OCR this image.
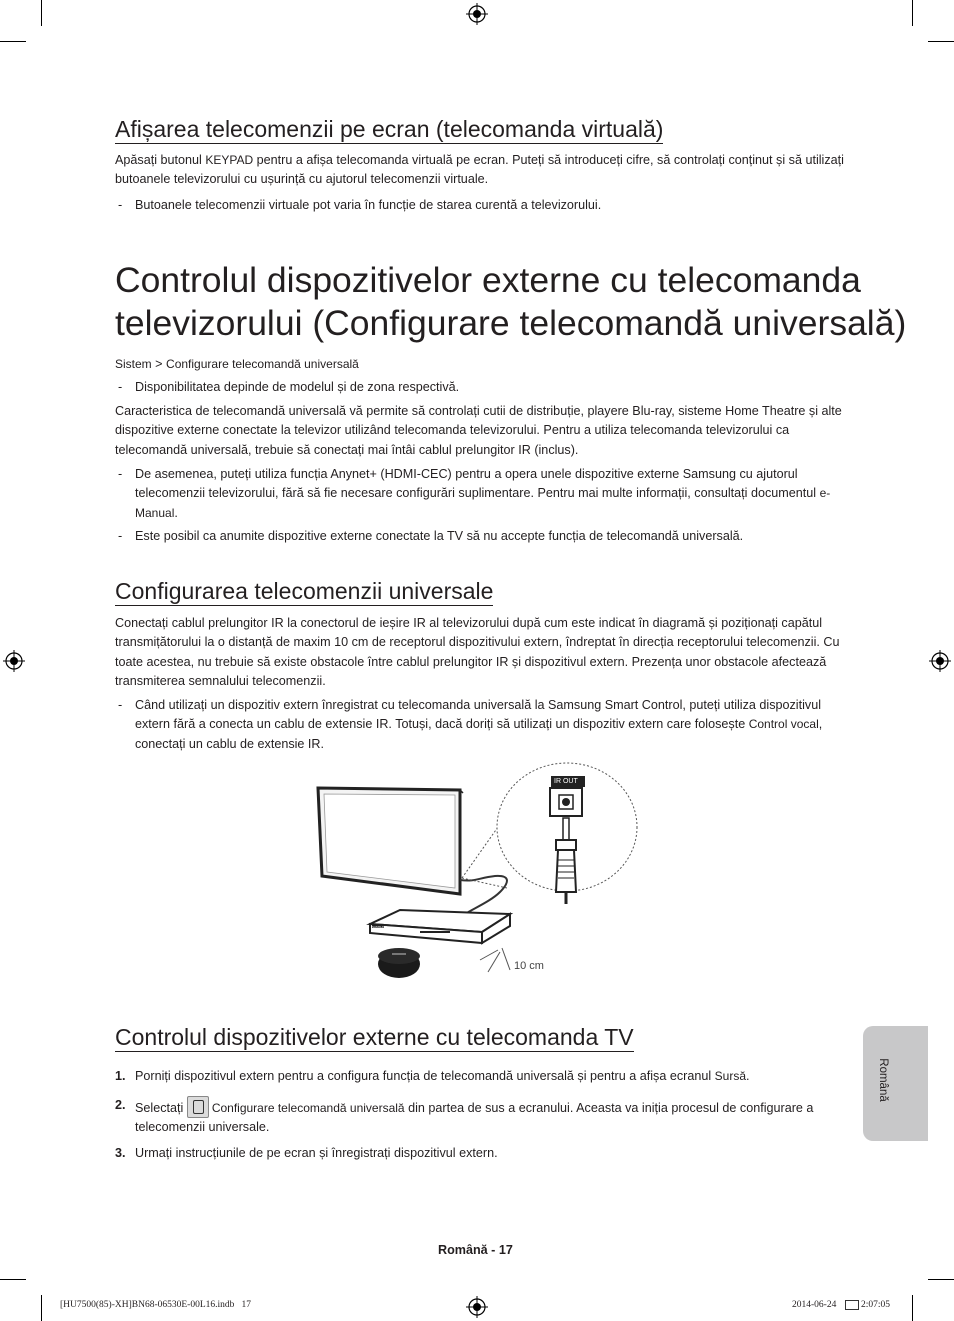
Afișarea telecomenzii pe ecran (telecomanda virtuală)

Apăsați butonul KEYPAD pentru a afișa telecomanda virtuală pe ecran. Puteți să introduceți cifre, să controlați conținut și să utilizați butoanele televizorului cu ușurință cu ajutorul telecomenzii virtuale.

- Butoanele telecomenzii virtuale pot varia în funcție de starea curentă a televizorului.

Controlul dispozitivelor externe cu telecomanda
televizorului (Configurare telecomandă universală)

Sistem > Configurare telecomandă universală

- Disponibilitatea depinde de modelul și de zona respectivă.

Caracteristica de telecomandă universală vă permite să controlați cutii de distribuție, playere Blu-ray, sisteme Home Theatre și alte dispozitive externe conectate la televizor utilizând telecomanda televizorului. Pentru a utiliza telecomanda televizorului ca telecomandă universală, trebuie să conectați mai întâi cablul prelungitor IR (inclus).

- De asemenea, puteți utiliza funcția Anynet+ (HDMI-CEC) pentru a opera unele dispozitive externe Samsung cu ajutorul telecomenzii televizorului, fără să fie necesare configurări suplimentare. Pentru mai multe informații, consultați documentul e-Manual.

- Este posibil ca anumite dispozitive externe conectate la TV să nu accepte funcția de telecomandă universală.

Configurarea telecomenzii universale

Conectați cablul prelungitor IR la conectorul de ieșire IR al televizorului după cum este indicat în diagramă și poziționați capătul transmițătorului la o distanță de maxim 10 cm de receptorul dispozitivului extern, îndreptat în direcția receptorului telecomenzii. Cu toate acestea, nu trebuie să existe obstacole între cablul prelungitor IR și dispozitivul extern. Prezența unor obstacole afectează transmiterea semnalului telecomenzii.

- Când utilizați un dispozitiv extern înregistrat cu telecomanda universală la Samsung Smart Control, puteți utiliza dispozitivul extern fără a conecta un cablu de extensie IR. Totuși, dacă doriți să utilizați un dispozitiv extern care folosește Control vocal, conectați un cablu de extensie IR.

IR OUT
SAMSUNG
10 cm
Controlul dispozitivelor externe cu telecomanda TV
1. Porniți dispozitivul extern pentru a configura funcția de telecomandă universală și pentru a afișa ecranul Sursă.

2. Selectați
Configurare telecomandă universală din partea de sus a ecranului. Aceasta va iniția procesul de configurare a telecomenzii universale.

3. Urmați instrucțiunile de pe ecran și înregistrați dispozitivul extern.

Română
Română - 17
[HU7500(85)-XH]BN68-06530E-00L16.indb   17	2014-06-24	2:07:05
